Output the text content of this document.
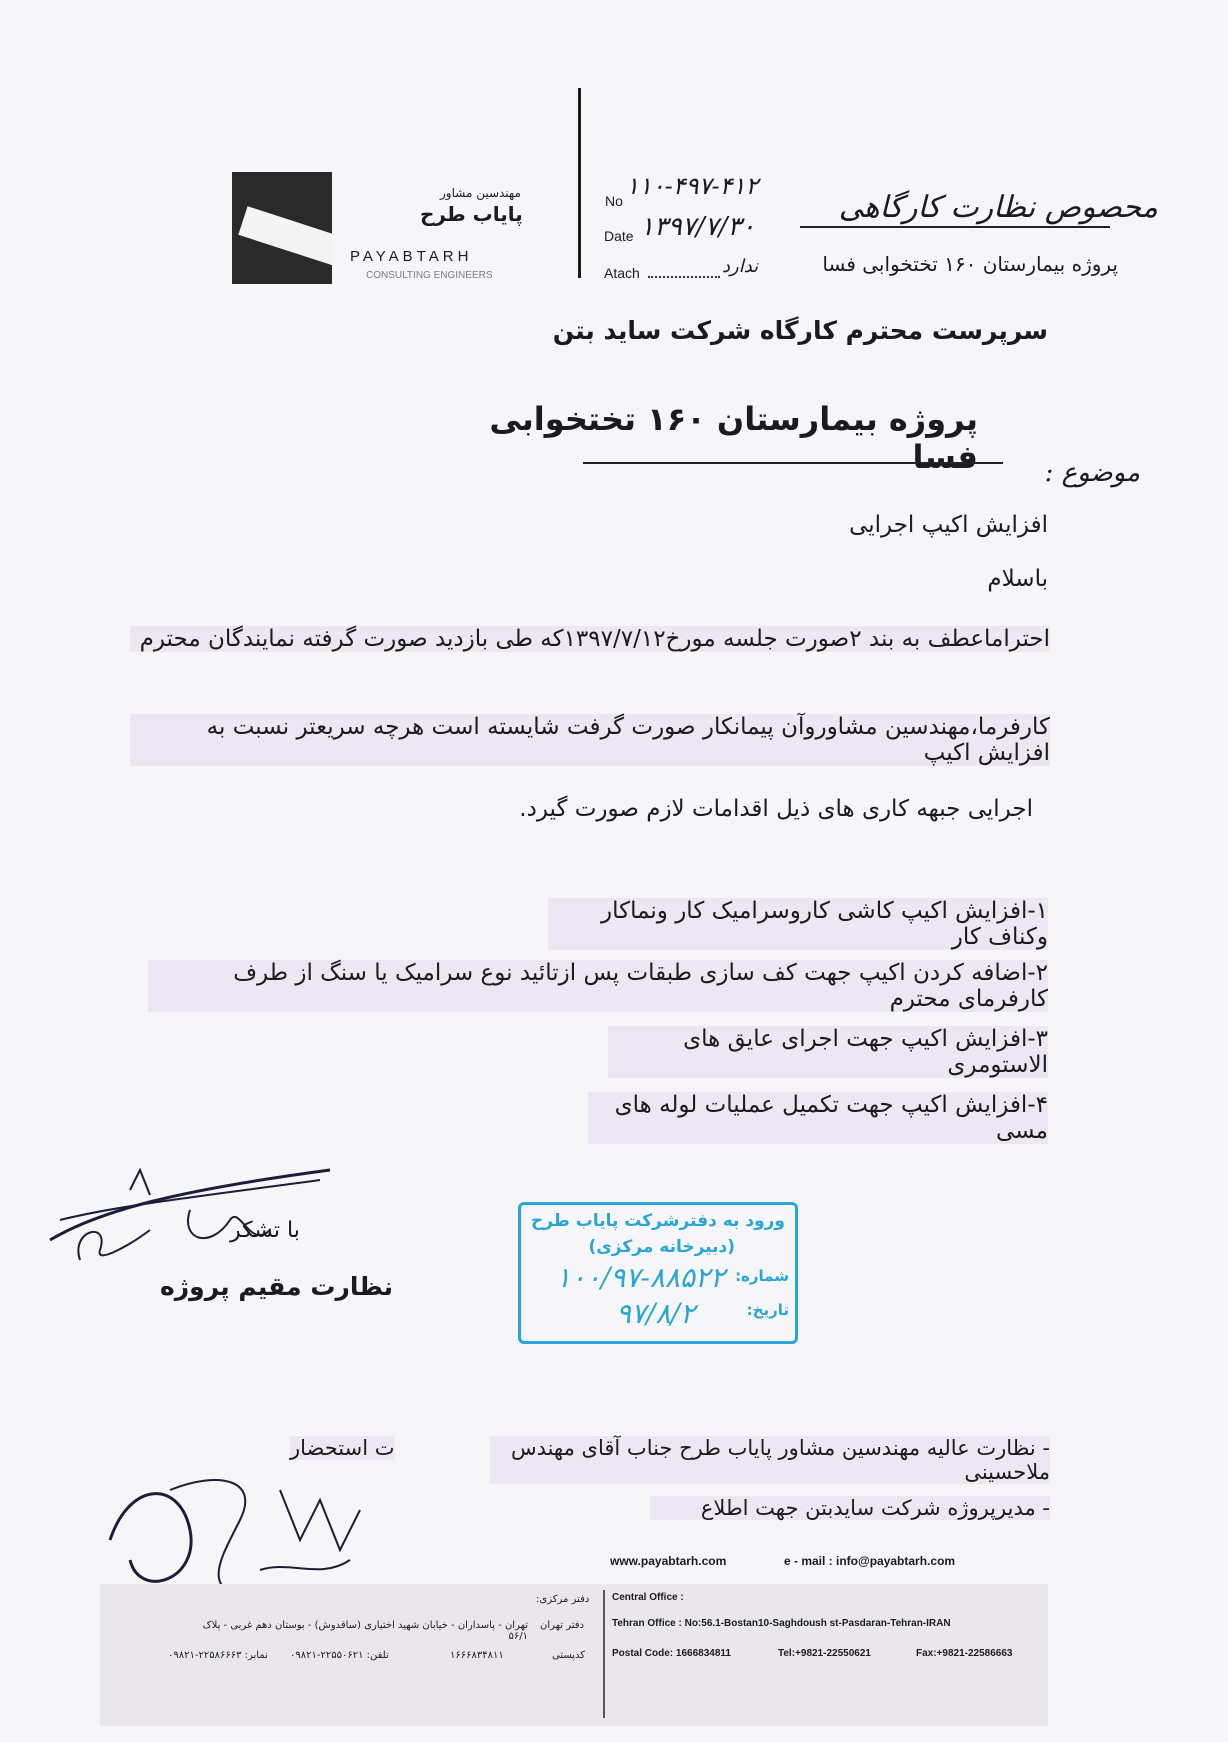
مهندسین مشاور
پایاب طرح
PAYABTARH
CONSULTING ENGINEERS
No
۱۱۰-۴۹۷-۴۱۲
Date ۱۳۹۷/۷/۳۰
Atach	ندارد
محصوص نظارت کارگاهی
پروژه بیمارستان ۱۶۰ تختخوابی فسا
سرپرست محترم کارگاه شرکت ساید بتن
پروژه بیمارستان ۱۶۰ تختخوابی فسا	موضوع :
افزایش اکیپ اجرایی
باسلام
احتراماعطف به بند ۲صورت جلسه مورخ۱۳۹۷/۷/۱۲که طی بازدید صورت گرفته نمایندگان محترم
کارفرما،مهندسین مشاوروآن پیمانکار صورت گرفت شایسته است هرچه سریعتر نسبت به افزایش اکیپ
اجرایی جبهه کاری های ذیل اقدامات لازم صورت گیرد.
۱-افزایش اکیپ کاشی کاروسرامیک کار ونماکار وکناف کار
۲-اضافه کردن اکیپ جهت کف سازی طبقات پس ازتائید نوع سرامیک یا سنگ از طرف کارفرمای محترم
۳-افزایش اکیپ جهت اجرای عایق های الاستومری
۴-افزایش اکیپ جهت تکمیل عملیات لوله های مسی
با تشکر
نظارت مقیم پروژه
ورود به دفترشرکت پایاب طرح
(دبیرخانه مرکزی)
شماره:
۱۰۰/۹۷-۸۸۵۲۲
تاریخ:
۹۷/۸/۲
- نظارت عالیه مهندسین مشاور پایاب طرح جناب آقای مهندس ملاحسینی
ت استحضار
- مدیرپروژه شرکت سایدبتن جهت اطلاع
www.payabtarh.com	e - mail : info@payabtarh.com
Central Office :
Tehran Office : No:56.1-Bostan10-Saghdoush st-Pasdaran-Tehran-IRAN
Postal Code: 1666834811	Tel:+9821-22550621	Fax:+9821-22586663
دفتر مرکزی:
دفتر تهران
تهران - پاسداران - خیابان شهید اختیاری (ساقدوش) - بوستان دهم غربی - پلاک ۵۶/۱
کدپستی
۱۶۶۶۸۳۴۸۱۱
تلفن: ۲۲۵۵۰۶۲۱-۰۹۸۲۱
نمابر: ۲۲۵۸۶۶۶۳-۰۹۸۲۱
